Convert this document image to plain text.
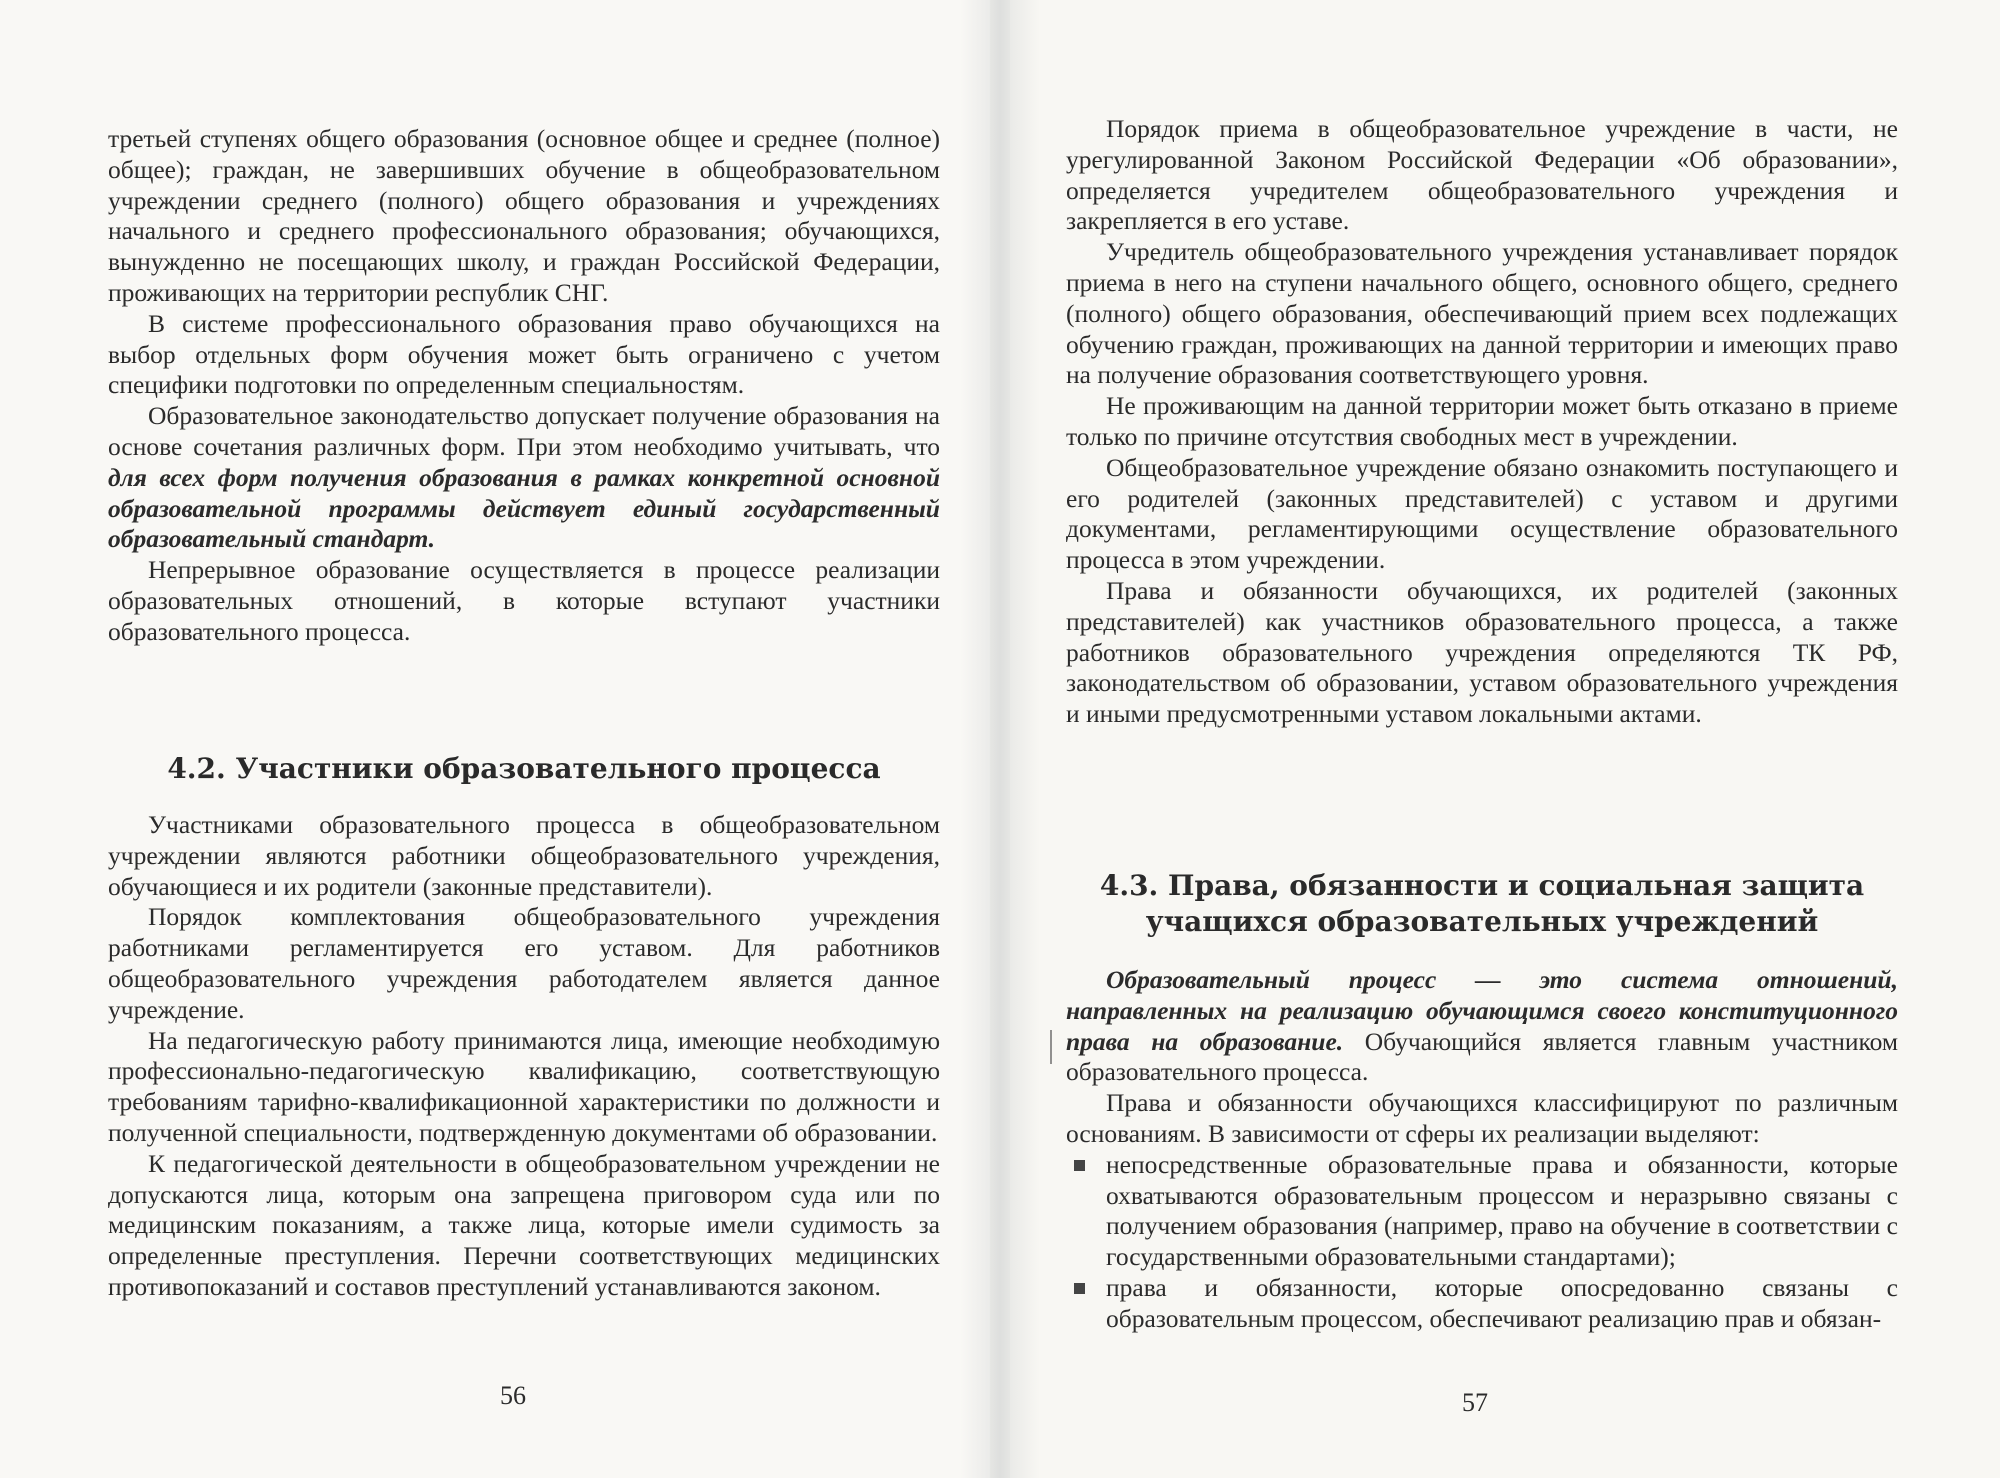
третьей ступенях общего образования (основное общее и среднее (полное) общее); граждан, не завершивших обучение в общеобразовательном учреждении среднего (полного) общего образования и учреждениях начального и среднего профессионального образования; обучающихся, вынужденно не посещающих школу, и граждан Российской Федерации, проживающих на территории республик СНГ.

В системе профессионального образования право обучающихся на выбор отдельных форм обучения может быть ограничено с учетом специфики подготовки по определенным специальностям.

Образовательное законодательство допускает получение образования на основе сочетания различных форм. При этом необходимо учитывать, что для всех форм получения образования в рамках конкретной основной образовательной программы действует единый государственный образовательный стандарт.

Непрерывное образование осуществляется в процессе реализации образовательных отношений, в которые вступают участники образовательного процесса.

4.2. Участники образовательного процесса

Участниками образовательного процесса в общеобразовательном учреждении являются работники общеобразовательного учреждения, обучающиеся и их родители (законные представители).

Порядок комплектования общеобразовательного учреждения работниками регламентируется его уставом. Для работников общеобразовательного учреждения работодателем является данное учреждение.

На педагогическую работу принимаются лица, имеющие необходимую профессионально-педагогическую квалификацию, соответствующую требованиям тарифно-квалификационной характеристики по должности и полученной специальности, подтвержденную документами об образовании.

К педагогической деятельности в общеобразовательном учреждении не допускаются лица, которым она запрещена приговором суда или по медицинским показаниям, а также лица, которые имели судимость за определенные преступления. Перечни соответствующих медицинских противопоказаний и составов преступлений устанавливаются законом.

56

Порядок приема в общеобразовательное учреждение в части, не урегулированной Законом Российской Федерации «Об образовании», определяется учредителем общеобразовательного учреждения и закрепляется в его уставе.

Учредитель общеобразовательного учреждения устанавливает порядок приема в него на ступени начального общего, основного общего, среднего (полного) общего образования, обеспечивающий прием всех подлежащих обучению граждан, проживающих на данной территории и имеющих право на получение образования соответствующего уровня.

Не проживающим на данной территории может быть отказано в приеме только по причине отсутствия свободных мест в учреждении.

Общеобразовательное учреждение обязано ознакомить поступающего и его родителей (законных представителей) с уставом и другими документами, регламентирующими осуществление образовательного процесса в этом учреждении.

Права и обязанности обучающихся, их родителей (законных представителей) как участников образовательного процесса, а также работников образовательного учреждения определяются ТК РФ, законодательством об образовании, уставом образовательного учреждения и иными предусмотренными уставом локальными актами.

4.3. Права, обязанности и социальная защита
учащихся образовательных учреждений

Образовательный процесс — это система отношений, направленных на реализацию обучающимся своего конституционного права на образование. Обучающийся является главным участником образовательного процесса.

Права и обязанности обучающихся классифицируют по различным основаниям. В зависимости от сферы их реализации выделяют:

непосредственные образовательные права и обязанности, которые охватываются образовательным процессом и неразрывно связаны с получением образования (например, право на обучение в соответствии с государственными образовательными стандартами);
права и обязанности, которые опосредованно связаны с образовательным процессом, обеспечивают реализацию прав и обязан-
57
